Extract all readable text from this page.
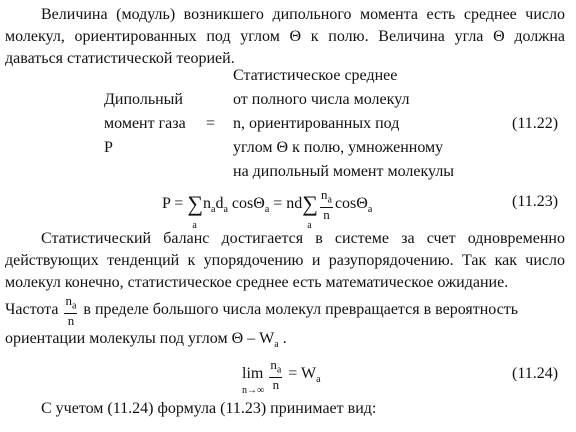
Величина (модуль) возникшего дипольного момента есть среднее число молекул, ориентированных под углом Θ к полю. Величина угла Θ должна даваться статистической теорией.
Статистическое среднее
Дипольный	от полного числа молекул
момент газа = n, ориентированных под	(11.22)
P	углом Θ к полю, умноженному
на дипольный момент молекулы
P = ∑
a
$n_ad_a$ cosΘ$_a$ = nd∑
a
$\frac{n_a}{n} \cos\Theta_a$	(11.23)
Статистический баланс достигается в системе за счет одновременно действующих тенденций к упорядочению и разупорядочению. Так как число молекул конечно, статистическое среднее есть математическое ожидание.
Частота $\frac{n_a}{n}$ в пределе большого числа молекул превращается в вероятность
ориентации молекулы под углом Θ – $W_a$ .
lim
n→∞

$\frac{n_a}{n} = W_a$	(11.24)
С учетом (11.24) формула (11.23) принимает вид:
